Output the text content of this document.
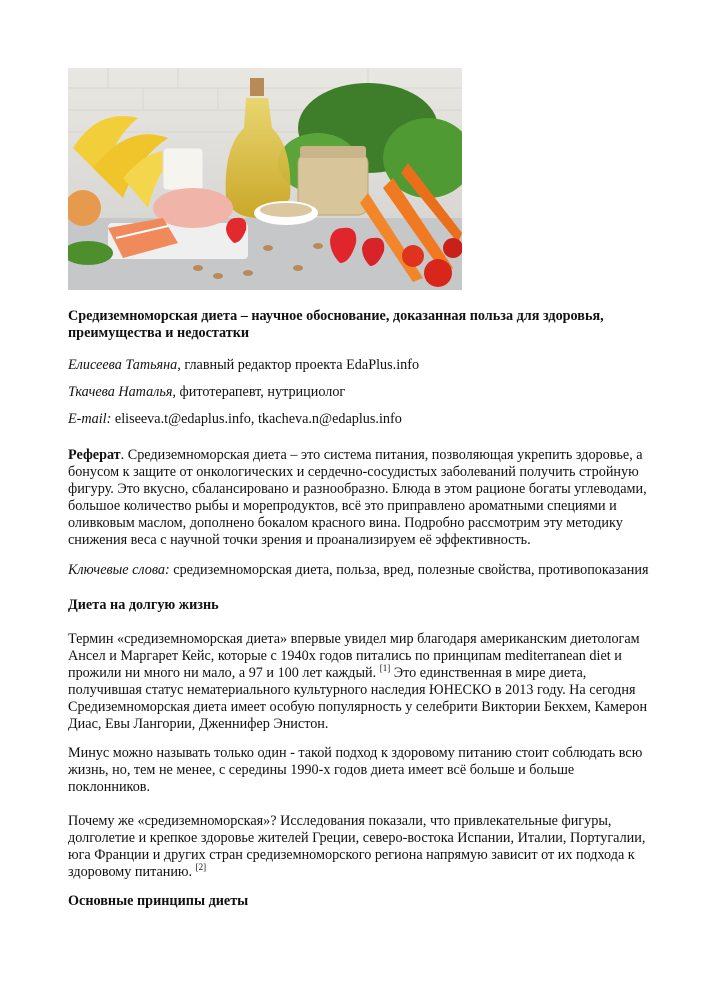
Средиземноморская диета – научное обоснование, доказанная польза для здоровья,
преимущества и недостатки
Елисеева Татьяна, главный редактор проекта EdaPlus.info
Ткачева Наталья, фитотерапевт, нутрициолог
E-mail: eliseeva.t@edaplus.info, tkacheva.n@edaplus.info
Реферат. Средиземноморская диета – это система питания, позволяющая укрепить здоровье, а
бонусом к защите от онкологических и сердечно-сосудистых заболеваний получить стройную
фигуру. Это вкусно, сбалансировано и разнообразно. Блюда в этом рационе богаты углеводами,
большое количество рыбы и морепродуктов, всё это приправлено ароматными специями и
оливковым маслом, дополнено бокалом красного вина. Подробно рассмотрим эту методику
снижения веса с научной точки зрения и проанализируем её эффективность.
Ключевые слова: средиземноморская диета, польза, вред, полезные свойства, противопоказания
Диета на долгую жизнь
Термин «средиземноморская диета» впервые увидел мир благодаря американским диетологам
Ансел и Маргарет Кейс, которые с 1940х годов питались по принципам mediterranean diet и
прожили ни много ни мало, а 97 и 100 лет каждый. [1] Это единственная в мире диета,
получившая статус нематериального культурного наследия ЮНЕСКО в 2013 году. На сегодня
Средиземноморская диета имеет особую популярность у селебрити Виктории Бекхем, Камерон
Диас, Евы Лангории, Дженнифер Энистон.
Минус можно называть только один - такой подход к здоровому питанию стоит соблюдать всю
жизнь, но, тем не менее, с середины 1990-х годов диета имеет всё больше и больше
поклонников.
Почему же «средиземноморская»? Исследования показали, что привлекательные фигуры,
долголетие и крепкое здоровье жителей Греции, северо-востока Испании, Италии, Португалии,
юга Франции и других стран средиземноморского региона напрямую зависит от их подхода к
здоровому питанию. [2]
Основные принципы диеты
